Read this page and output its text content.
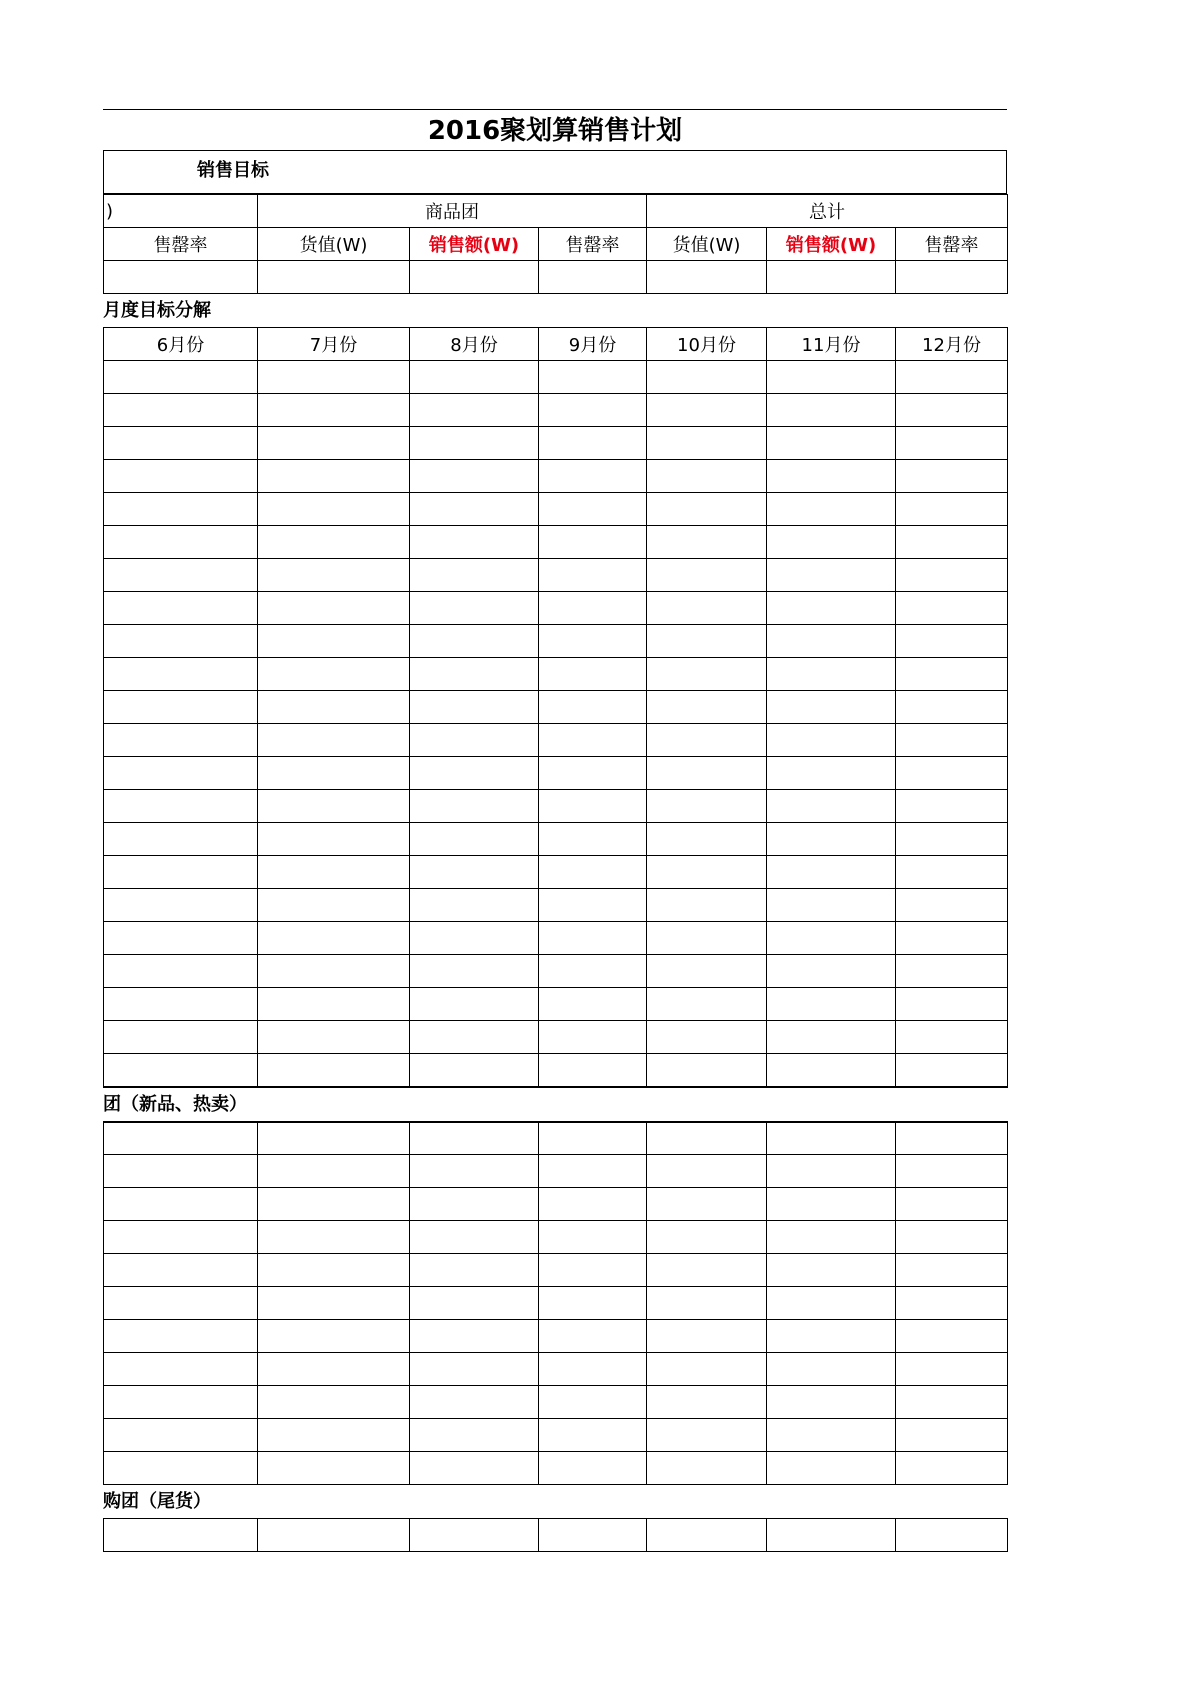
2016聚划算销售计划
销售目标
)	商品团			总计		
售罄率	货值(W)	销售额(W)	售罄率	货值(W)	销售额(W)	售罄率

月度目标分解
6月份	7月份	8月份	9月份	10月份	11月份	12月份

团（新品、热卖）

购团（尾货）
